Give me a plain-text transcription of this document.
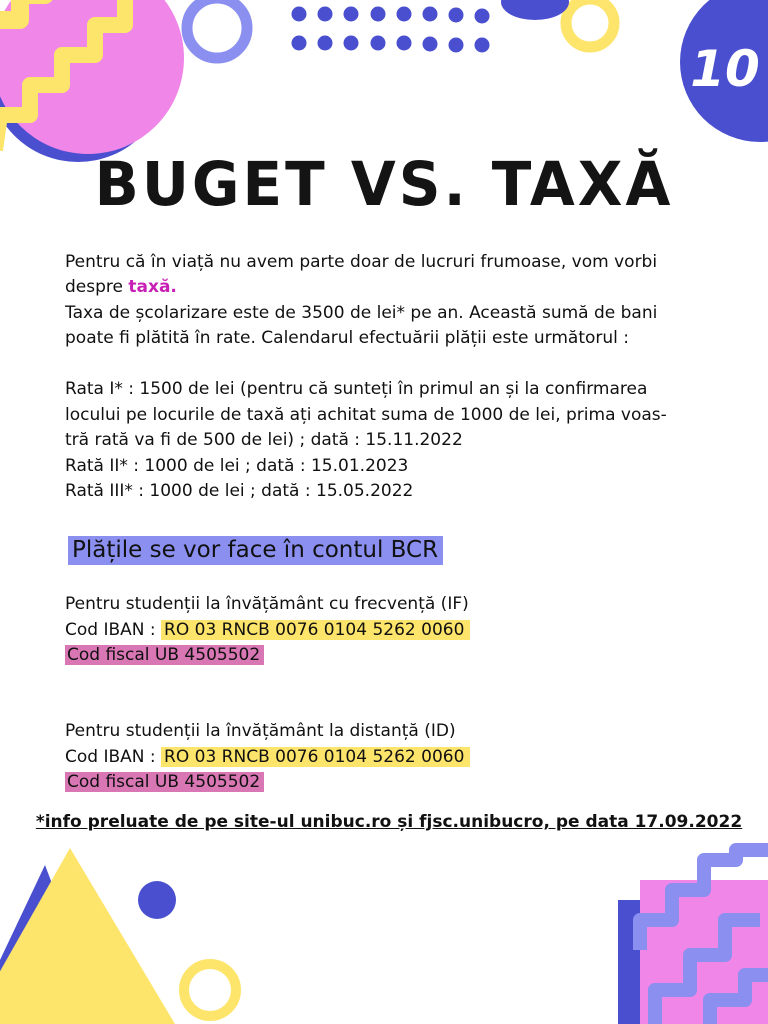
10
BUGET VS. TAXĂ
Pentru că în viață nu avem parte doar de lucruri frumoase, vom vorbi
despre taxă.
Taxa de școlarizare este de 3500 de lei* pe an. Această sumă de bani
poate fi plătită în rate. Calendarul efectuării plății este următorul :
Rata I* : 1500 de lei (pentru că sunteți în primul an și la confirmarea
locului pe locurile de taxă ați achitat suma de 1000 de lei, prima voas-
tră rată va fi de 500 de lei) ; dată : 15.11.2022
Rată II* : 1000 de lei ; dată : 15.01.2023
Rată III* : 1000 de lei ; dată : 15.05.2022
Plățile se vor face în contul BCR
Pentru studenții la învățământ cu frecvență (IF)
Cod IBAN : RO 03 RNCB 0076 0104 5262 0060
Cod fiscal UB 4505502
Pentru studenții la învățământ la distanță (ID)
Cod IBAN : RO 03 RNCB 0076 0104 5262 0060
Cod fiscal UB 4505502
*info preluate de pe site-ul unibuc.ro și fjsc.unibucro, pe data 17.09.2022
